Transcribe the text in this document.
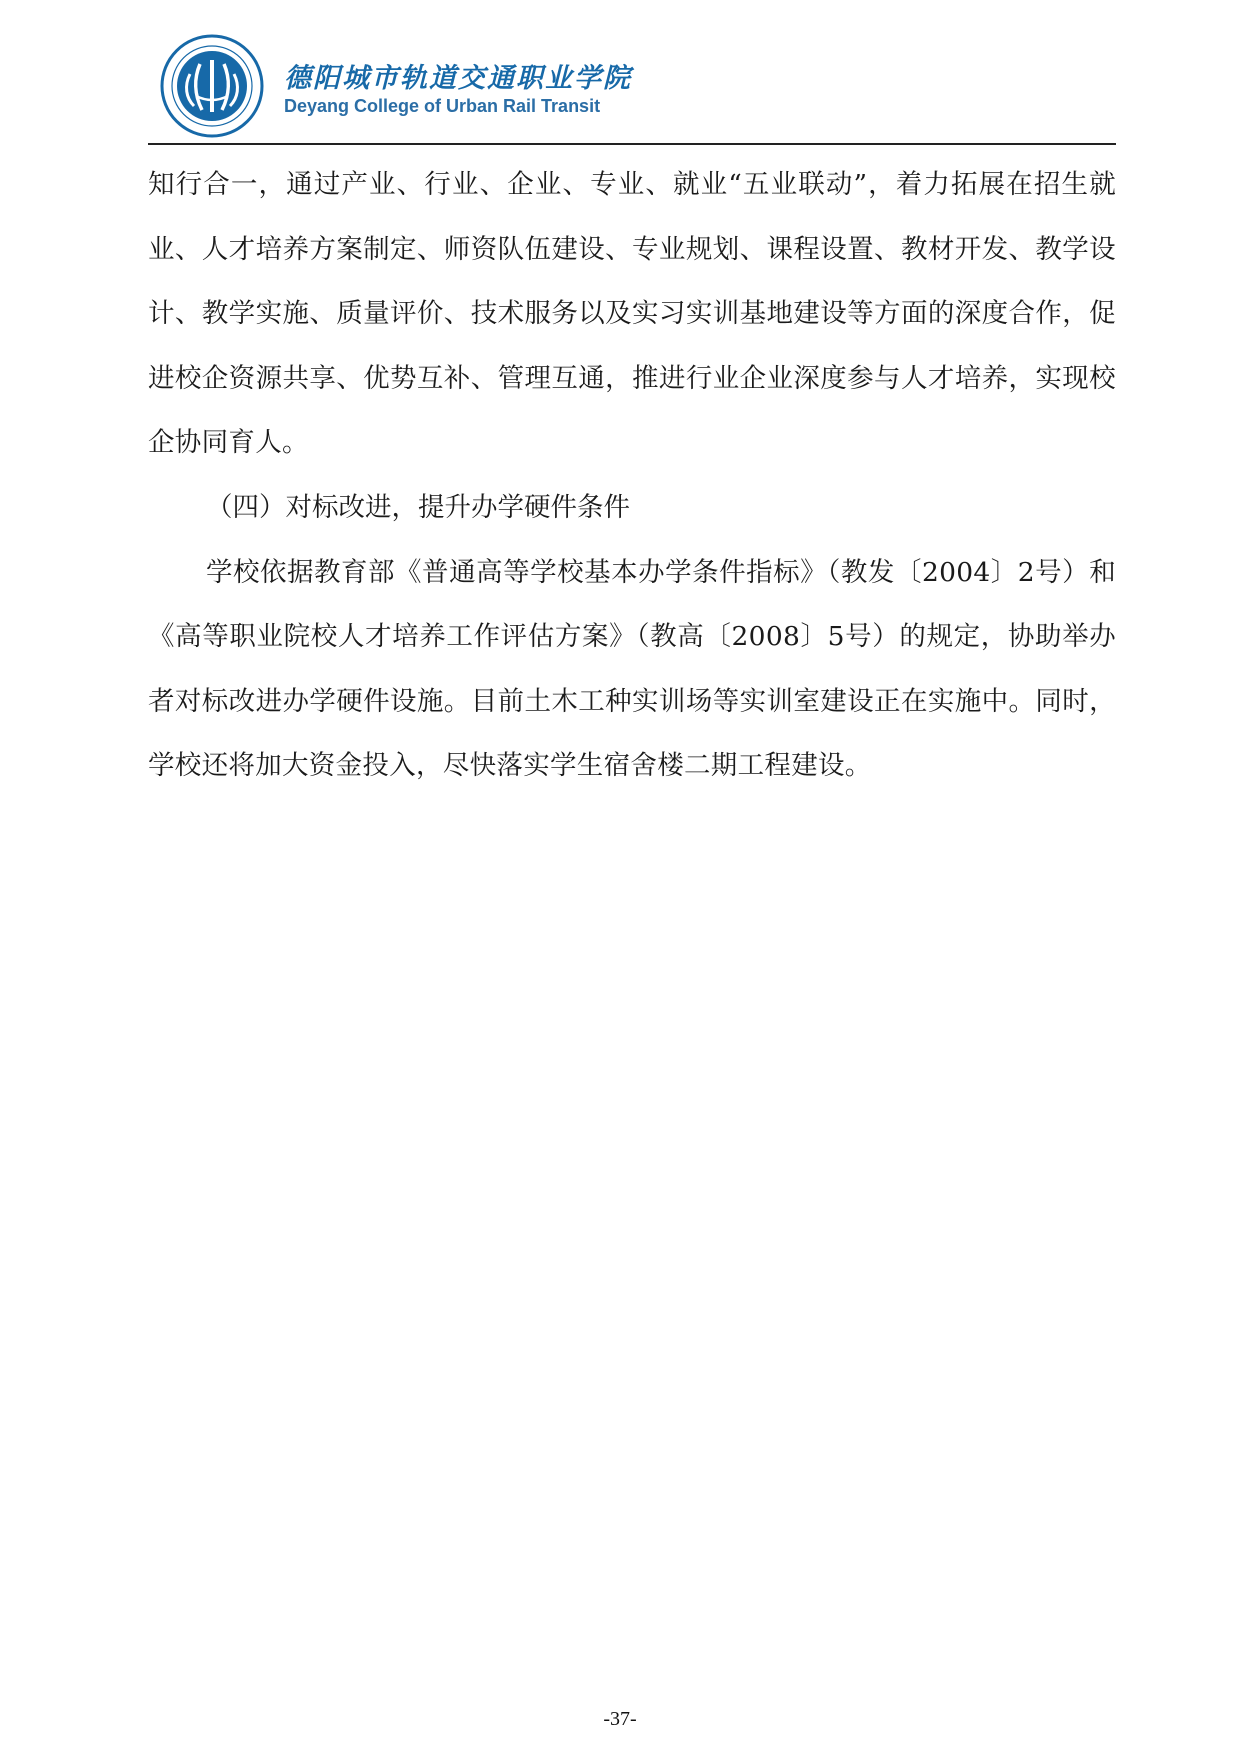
德阳城市轨道交通职业学院
Deyang College of Urban Rail Transit

知行合一，通过产业、行业、企业、专业、就业“五业联动”，着力拓展在招生就业、人才培养方案制定、师资队伍建设、专业规划、课程设置、教材开发、教学设计、教学实施、质量评价、技术服务以及实习实训基地建设等方面的深度合作，促进校企资源共享、优势互补、管理互通，推进行业企业深度参与人才培养，实现校企协同育人。

（四）对标改进，提升办学硬件条件

学校依据教育部《普通高等学校基本办学条件指标》（教发〔2004〕2号）和《高等职业院校人才培养工作评估方案》（教高〔2008〕5号）的规定，协助举办者对标改进办学硬件设施。目前土木工种实训场等实训室建设正在实施中。同时，学校还将加大资金投入，尽快落实学生宿舍楼二期工程建设。

-37-
